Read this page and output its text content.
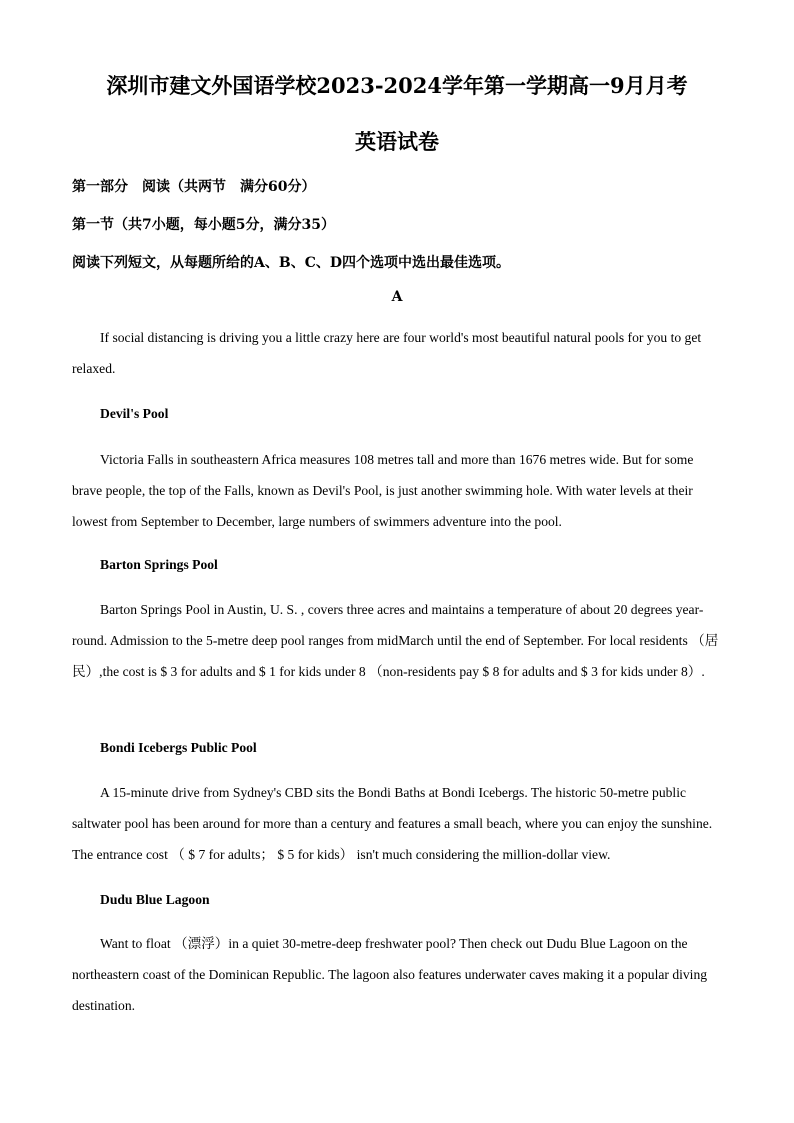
深圳市建文外国语学校2023-2024学年第一学期高一9月月考
英语试卷
第一部分　阅读（共两节　满分60分）
第一节（共7小题，每小题5分，满分35）
阅读下列短文，从每题所给的A、B、C、D四个选项中选出最佳选项。
A
If social distancing is driving you a little crazy here are four world's most beautiful natural pools for you to get relaxed.
Devil's Pool
Victoria Falls in southeastern Africa measures 108 metres tall and more than 1676 metres wide. But for some brave people, the top of the Falls, known as Devil's Pool, is just another swimming hole. With water levels at their lowest from September to December, large numbers of swimmers adventure into the pool.
Barton Springs Pool
Barton Springs Pool in Austin, U. S. , covers three acres and maintains a temperature of about 20 degrees year-round. Admission to the 5-metre deep pool ranges from midMarch until the end of September. For local residents （居民）,the cost is $ 3 for adults and $ 1 for kids under 8 （non-residents pay $ 8 for adults and $ 3 for kids under 8）.
Bondi Icebergs Public Pool
A 15-minute drive from Sydney's CBD sits the Bondi Baths at Bondi Icebergs. The historic 50-metre public saltwater pool has been around for more than a century and features a small beach, where you can enjoy the sunshine. The entrance cost （ $ 7 for adults； $ 5 for kids） isn't much considering the million-dollar view.
Dudu Blue Lagoon
Want to float （漂浮）in a quiet 30-metre-deep freshwater pool? Then check out Dudu Blue Lagoon on the northeastern coast of the Dominican Republic. The lagoon also features underwater caves making it a popular diving destination.
